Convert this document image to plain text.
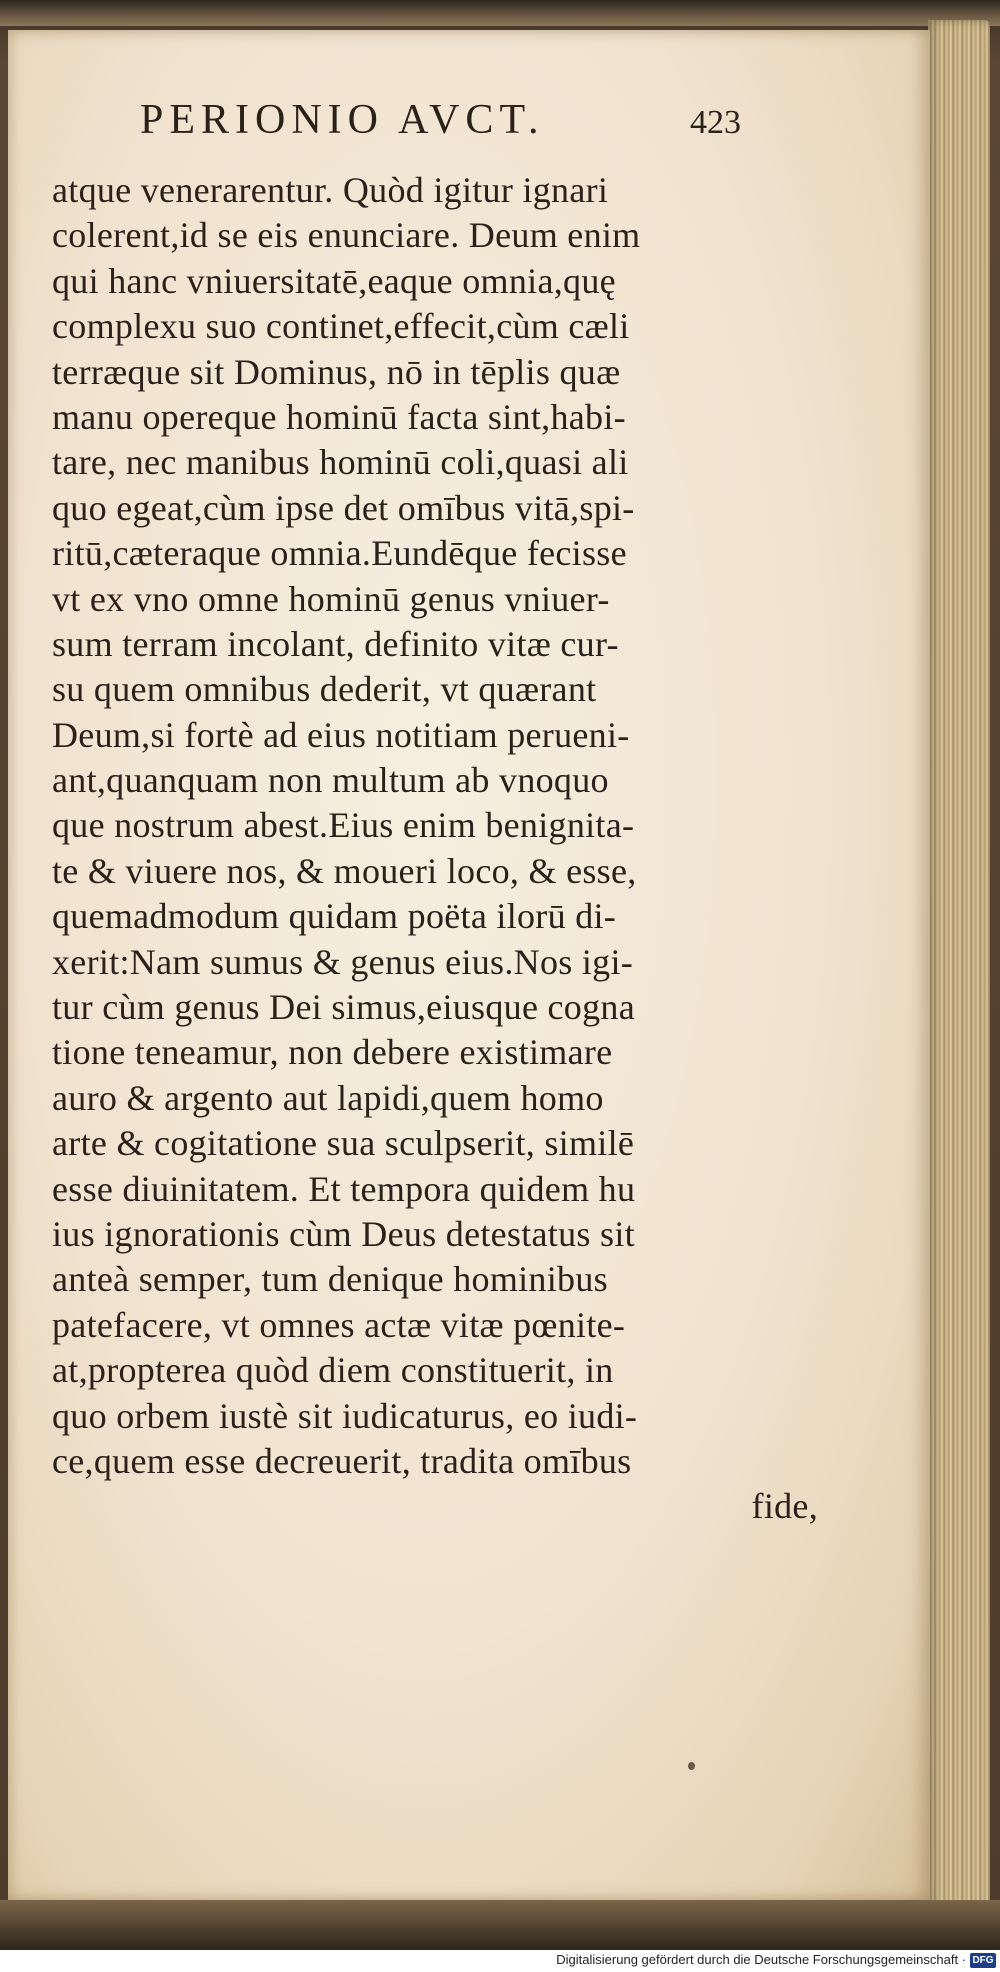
PERIONIO AVCT.	423
atque venerarentur. Quòd igitur ignari
colerent,id se eis enunciare. Deum enim
qui hanc vniuersitatē,eaque omnia,quę
complexu suo continet,effecit,cùm cæli
terræque sit Dominus, nō in tēplis quæ
manu opereque hominū facta sint,habi-
tare, nec manibus hominū coli,quasi ali
quo egeat,cùm ipse det omībus vitā,spi-
ritū,cæteraque omnia.Eundēque fecisse
vt ex vno omne hominū genus vniuer-
sum terram incolant, definito vitæ cur-
su quem omnibus dederit, vt quærant
Deum,si fortè ad eius notitiam perueni-
ant,quanquam non multum ab vnoquo
que nostrum abest.Eius enim benignita-
te & viuere nos, & moueri loco, & esse,
quemadmodum quidam poëta ilorū di-
xerit:Nam sumus & genus eius.Nos igi-
tur cùm genus Dei simus,eiusque cogna
tione teneamur, non debere existimare
auro & argento aut lapidi,quem homo
arte & cogitatione sua sculpserit, similē
esse diuinitatem. Et tempora quidem hu
ius ignorationis cùm Deus detestatus sit
anteà semper, tum denique hominibus
patefacere, vt omnes actæ vitæ pœnite-
at,propterea quòd diem constituerit, in
quo orbem iustè sit iudicaturus, eo iudi-
ce,quem esse decreuerit, tradita omībus
fide,
Digitalisierung gefördert durch die Deutsche Forschungsgemeinschaft · DFG
